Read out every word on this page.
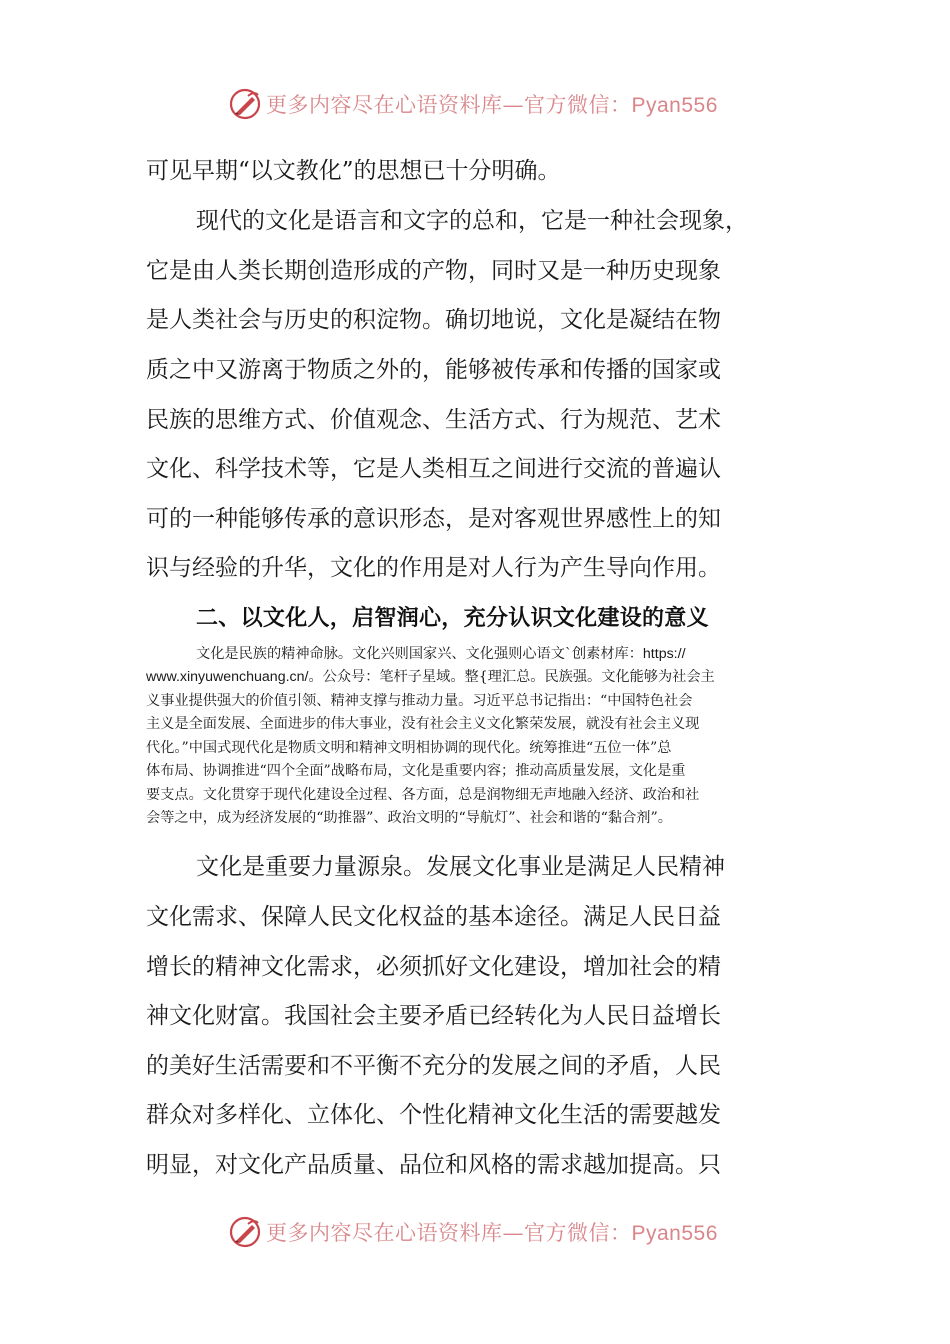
更多内容尽在心语资料库—官方微信：Pyan556
可见早期“以文教化”的思想已十分明确。
现代的文化是语言和文字的总和，它是一种社会现象，
它是由人类长期创造形成的产物，同时又是一种历史现象
是人类社会与历史的积淀物。确切地说，文化是凝结在物
质之中又游离于物质之外的，能够被传承和传播的国家或
民族的思维方式、价值观念、生活方式、行为规范、艺术
文化、科学技术等，它是人类相互之间进行交流的普遍认
可的一种能够传承的意识形态，是对客观世界感性上的知
识与经验的升华，文化的作用是对人行为产生导向作用。
二、以文化人，启智润心，充分认识文化建设的意义
文化是民族的精神命脉。文化兴则国家兴、文化强则心语文`创素材库：https://
www.xinyuwenchuang.cn/。公众号：笔杆子星域。整{理汇总。民族强。文化能够为社会主
义事业提供强大的价值引领、精神支撑与推动力量。习近平总书记指出：“中国特色社会
主义是全面发展、全面进步的伟大事业，没有社会主义文化繁荣发展，就没有社会主义现
代化。”中国式现代化是物质文明和精神文明相协调的现代化。统筹推进“五位一体”总
体布局、协调推进“四个全面”战略布局，文化是重要内容；推动高质量发展，文化是重
要支点。文化贯穿于现代化建设全过程、各方面，总是润物细无声地融入经济、政治和社
会等之中，成为经济发展的“助推器”、政治文明的“导航灯”、社会和谐的“黏合剂”。
文化是重要力量源泉。发展文化事业是满足人民精神
文化需求、保障人民文化权益的基本途径。满足人民日益
增长的精神文化需求，必须抓好文化建设，增加社会的精
神文化财富。我国社会主要矛盾已经转化为人民日益增长
的美好生活需要和不平衡不充分的发展之间的矛盾，人民
群众对多样化、立体化、个性化精神文化生活的需要越发
明显，对文化产品质量、品位和风格的需求越加提高。只
更多内容尽在心语资料库—官方微信：Pyan556
